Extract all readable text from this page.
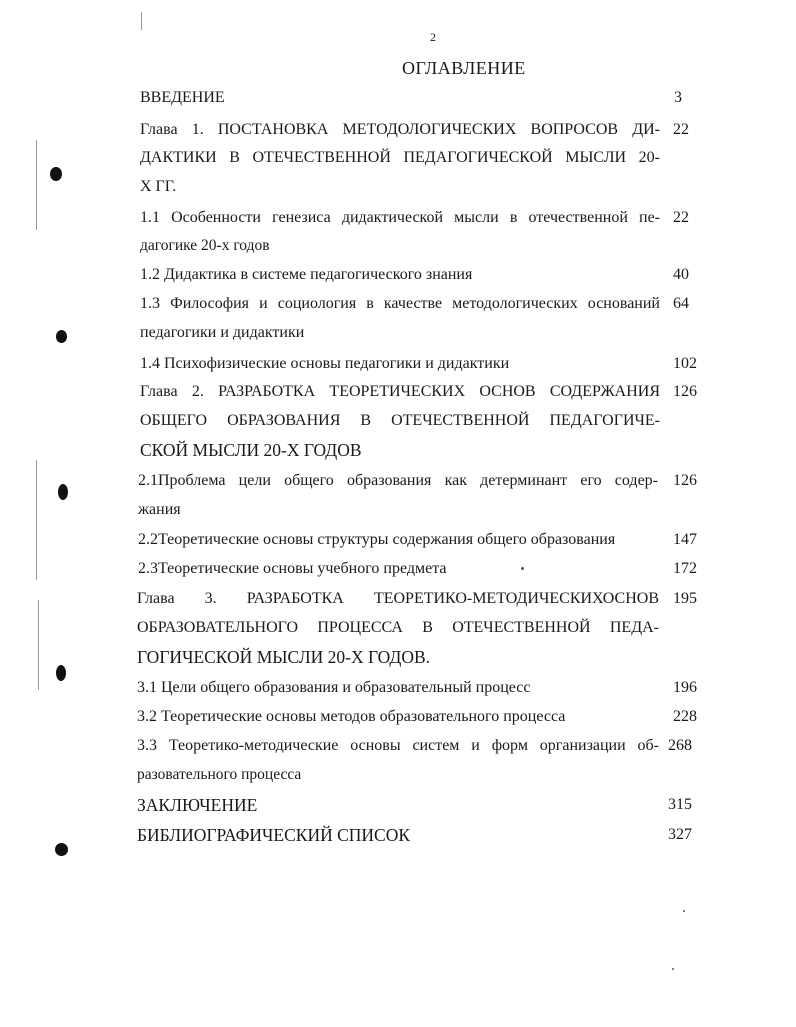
2
ОГЛАВЛЕНИЕ
ВВЕДЕНИЕ	3
Глава 1. ПОСТАНОВКА МЕТОДОЛОГИЧЕСКИХ ВОПРОСОВ ДИ- 22
ДАКТИКИ В ОТЕЧЕСТВЕННОЙ ПЕДАГОГИЧЕСКОЙ МЫСЛИ 20-
Х ГГ.
1.1 Особенности генезиса дидактической мысли в отечественной пе- 22
дагогике 20-х годов
1.2 Дидактика в системе педагогического знания	40
1.3 Философия и социология в качестве методологических оснований 64
педагогики и дидактики
1.4 Психофизические основы педагогики и дидактики	102
Глава 2. РАЗРАБОТКА ТЕОРЕТИЧЕСКИХ ОСНОВ СОДЕРЖАНИЯ 126
ОБЩЕГО ОБРАЗОВАНИЯ В ОТЕЧЕСТВЕННОЙ ПЕДАГОГИЧЕ-
СКОЙ МЫСЛИ 20-Х ГОДОВ
2.1Проблема цели общего образования как детерминант его содер- 126
жания
2.2Теоретические основы структуры содержания общего образования	147
2.3Теоретические основы учебного предмета	172
Глава 3. РАЗРАБОТКА ТЕОРЕТИКО-МЕТОДИЧЕСКИХОСНОВ 195
ОБРАЗОВАТЕЛЬНОГО ПРОЦЕССА В ОТЕЧЕСТВЕННОЙ ПЕДА-
ГОГИЧЕСКОЙ МЫСЛИ 20-Х ГОДОВ.
3.1 Цели общего образования и образовательный процесс	196
3.2 Теоретические основы методов образовательного процесса	228
3.3 Теоретико-методические основы систем и форм организации об- 268
разовательного процесса
ЗАКЛЮЧЕНИЕ	315
БИБЛИОГРАФИЧЕСКИЙ СПИСОК	327
